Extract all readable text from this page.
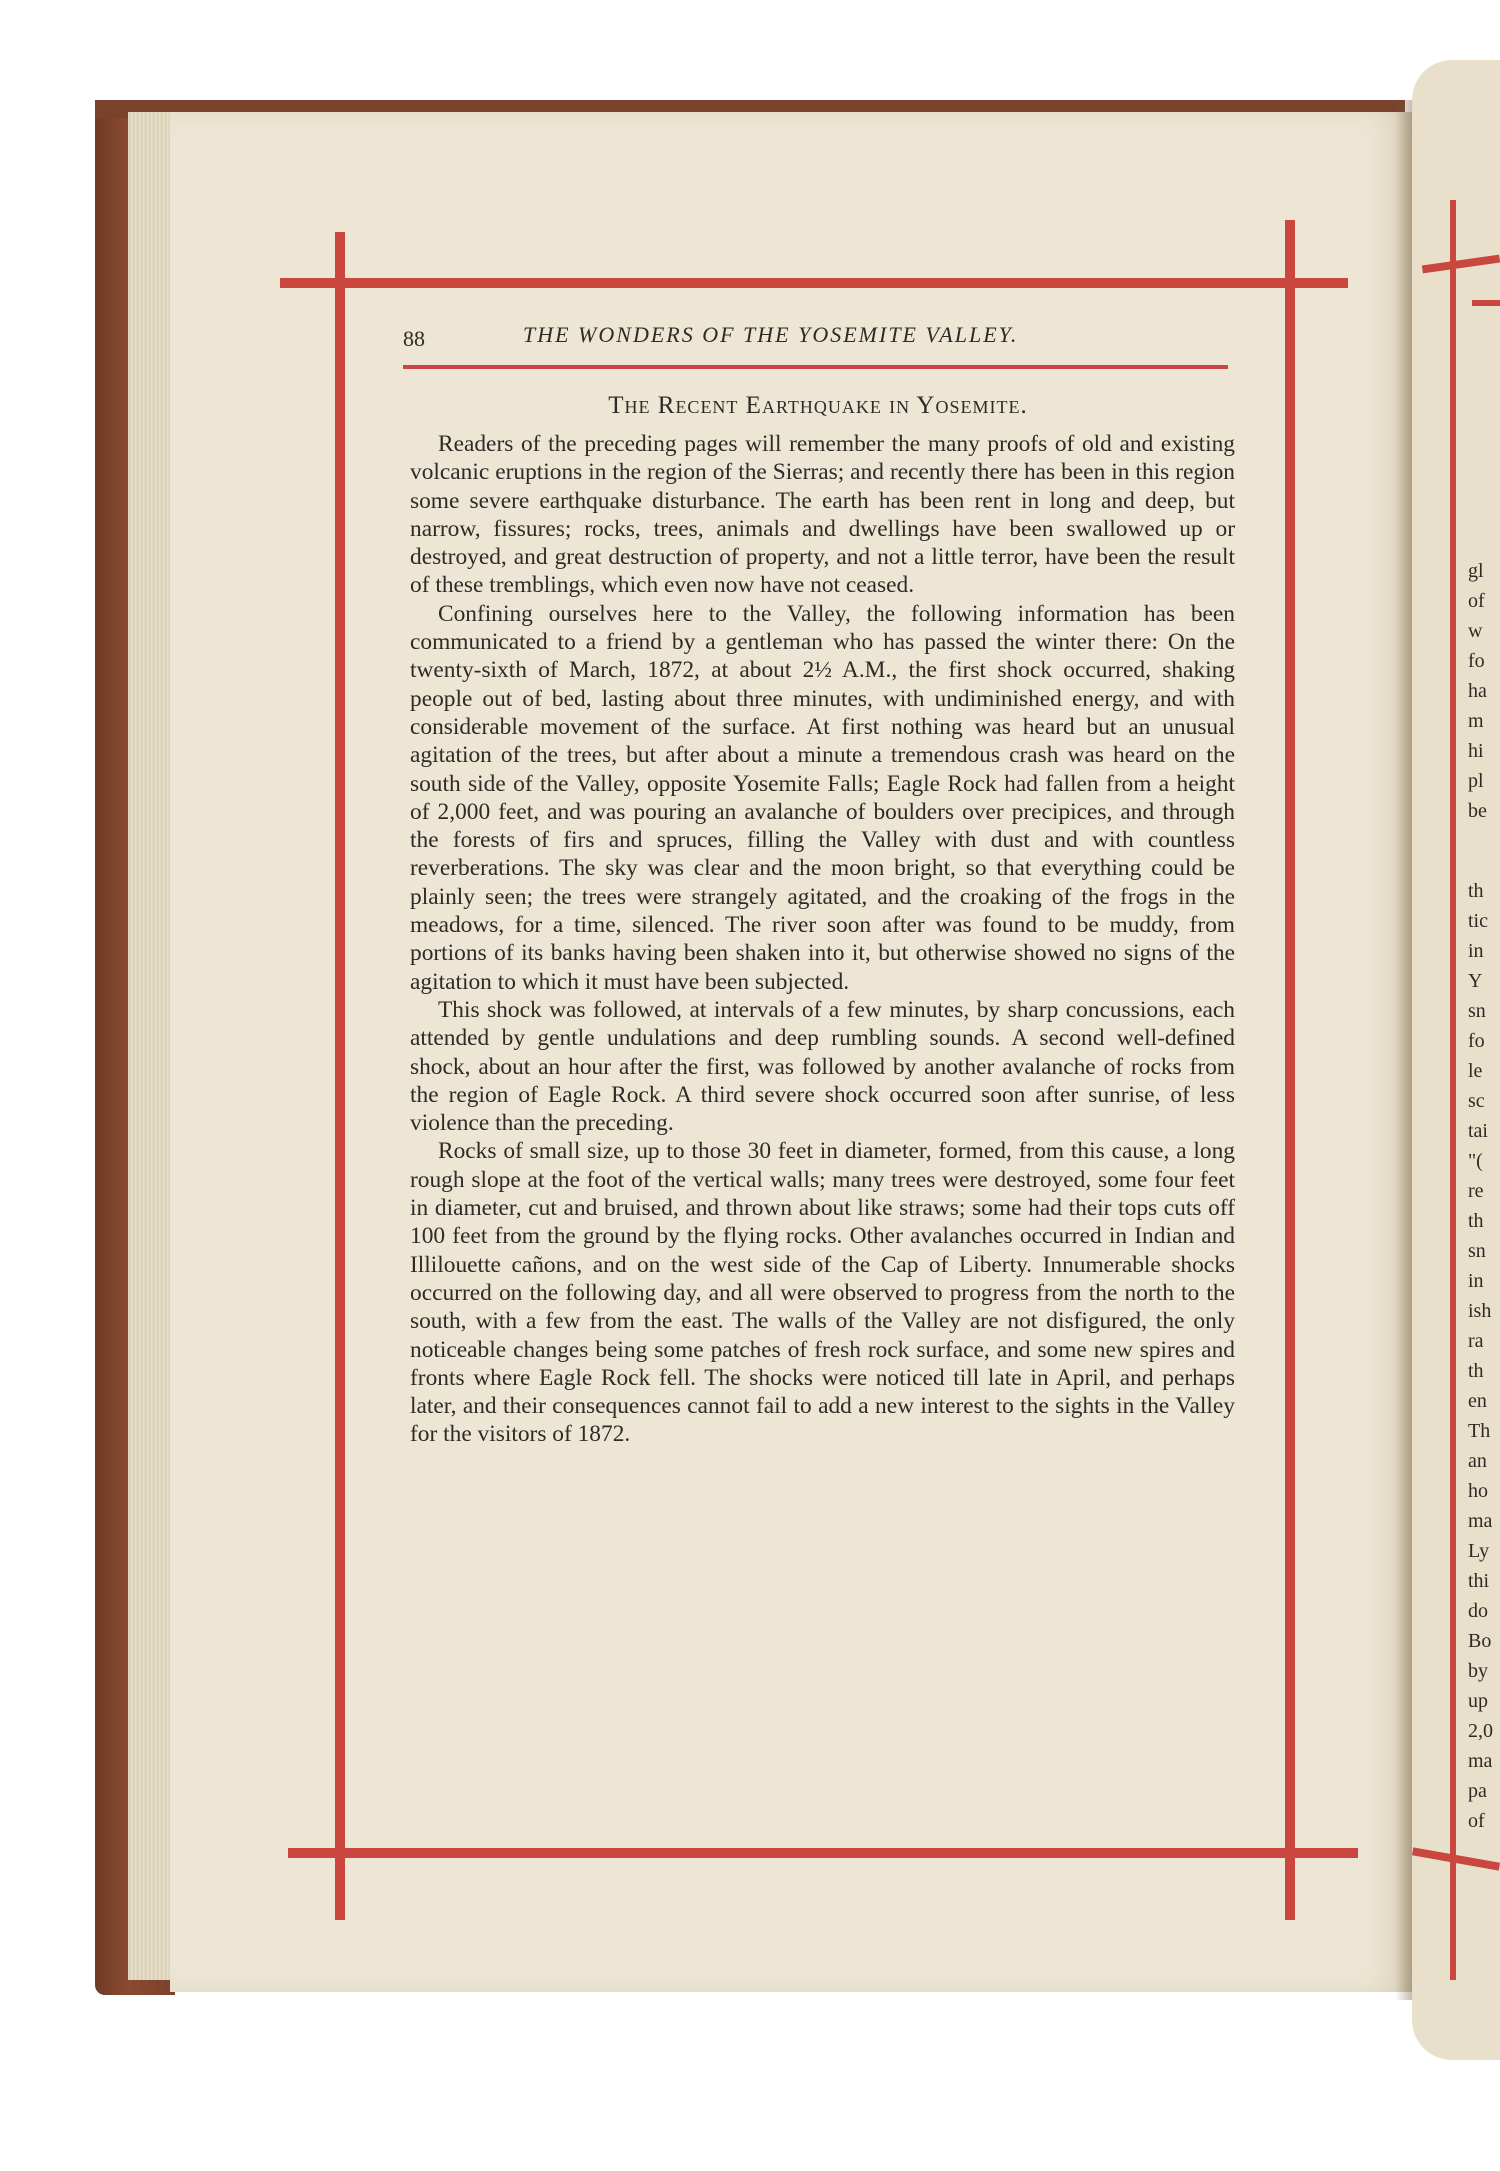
gl
of
w
fo
ha
m
hi
pl
be
th
tic
in
Y
sn
fo
le
sc
tai
"(
re
th
sn
in
ish
ra
th
en
Th
an
ho
ma
Ly
thi
do
Bo
by
up
2,0
ma
pa
of
88	THE WONDERS OF THE YOSEMITE VALLEY.
The Recent Earthquake in Yosemite.

Readers of the preceding pages will remember the many proofs of old and existing volcanic eruptions in the region of the Sierras; and recently there has been in this region some severe earthquake disturbance. The earth has been rent in long and deep, but narrow, fissures; rocks, trees, animals and dwellings have been swallowed up or destroyed, and great destruction of property, and not a little terror, have been the result of these tremblings, which even now have not ceased.

Confining ourselves here to the Valley, the following information has been communicated to a friend by a gentleman who has passed the winter there: On the twenty-sixth of March, 1872, at about 2½ A.M., the first shock occurred, shaking people out of bed, lasting about three minutes, with undiminished energy, and with considerable movement of the surface. At first nothing was heard but an unusual agitation of the trees, but after about a minute a tremendous crash was heard on the south side of the Valley, opposite Yosemite Falls; Eagle Rock had fallen from a height of 2,000 feet, and was pouring an avalanche of boulders over precipices, and through the forests of firs and spruces, filling the Valley with dust and with countless reverberations. The sky was clear and the moon bright, so that everything could be plainly seen; the trees were strangely agitated, and the croaking of the frogs in the meadows, for a time, silenced. The river soon after was found to be muddy, from portions of its banks having been shaken into it, but otherwise showed no signs of the agitation to which it must have been subjected.

This shock was followed, at intervals of a few minutes, by sharp concussions, each attended by gentle undulations and deep rumbling sounds. A second well-defined shock, about an hour after the first, was followed by another avalanche of rocks from the region of Eagle Rock. A third severe shock occurred soon after sunrise, of less violence than the preceding.

Rocks of small size, up to those 30 feet in diameter, formed, from this cause, a long rough slope at the foot of the vertical walls; many trees were destroyed, some four feet in diameter, cut and bruised, and thrown about like straws; some had their tops cuts off 100 feet from the ground by the flying rocks. Other avalanches occurred in Indian and Illilouette cañons, and on the west side of the Cap of Liberty. Innumerable shocks occurred on the following day, and all were observed to progress from the north to the south, with a few from the east. The walls of the Valley are not disfigured, the only noticeable changes being some patches of fresh rock surface, and some new spires and fronts where Eagle Rock fell. The shocks were noticed till late in April, and perhaps later, and their consequences cannot fail to add a new interest to the sights in the Valley for the visitors of 1872.
